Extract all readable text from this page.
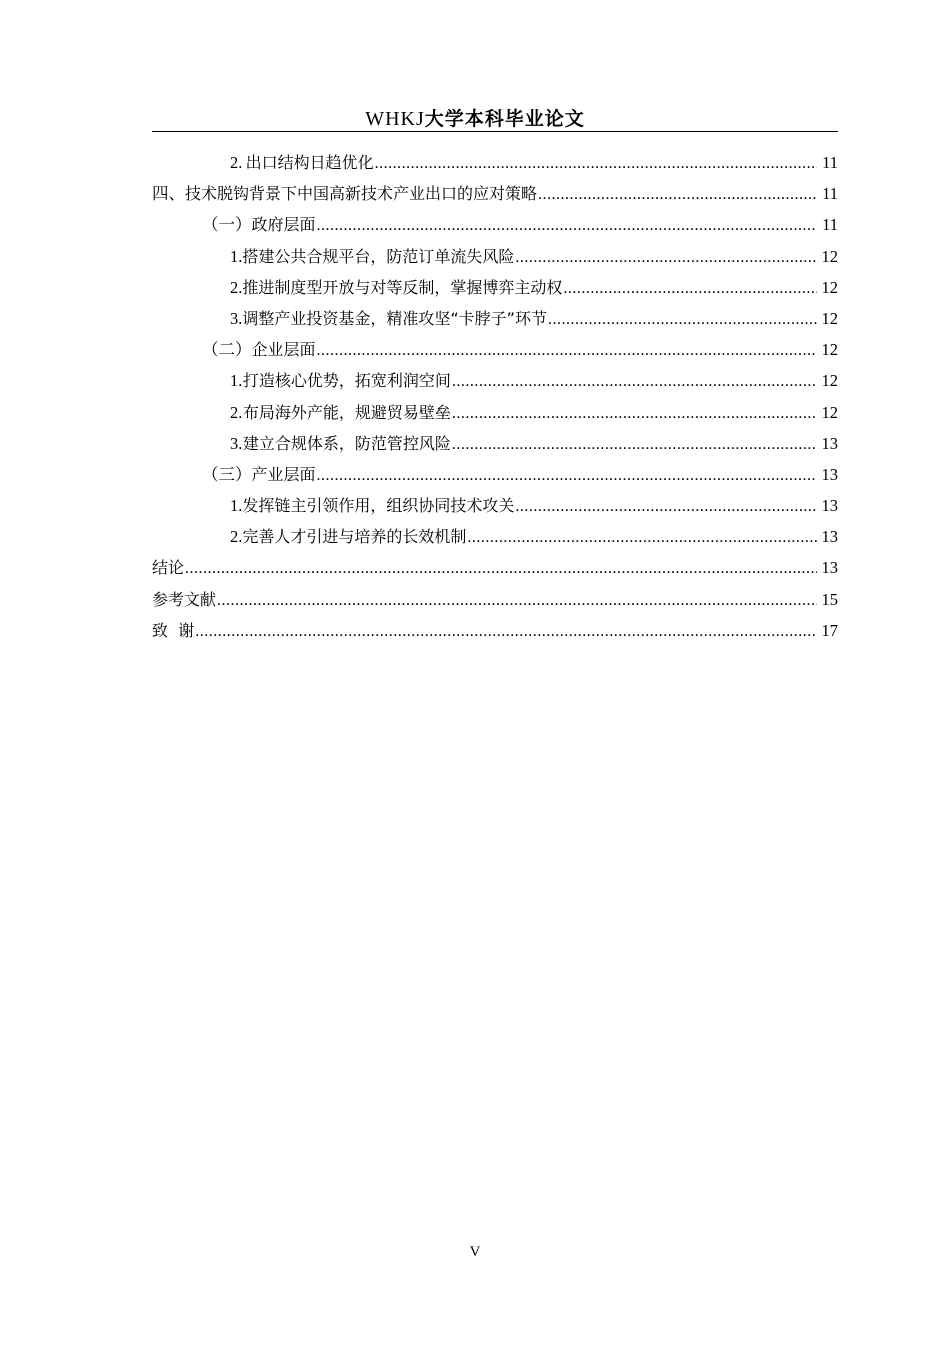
WHKJ大学本科毕业论文
2. 出口结构日趋优化 .....	11
四、 技术脱钩背景下中国高新技术产业出口的应对策略 .....	11
（一） 政府层面 .....	11
1. 搭建公共合规平台，防范订单流失风险 .....	12
2. 推进制度型开放与对等反制，掌握博弈主动权 .....	12
3. 调整产业投资基金，精准攻坚“卡脖子”环节 .....	12
（二） 企业层面 .....	12
1. 打造核心优势，拓宽利润空间 .....	12
2. 布局海外产能，规避贸易壁垒 .....	12
3. 建立合规体系，防范管控风险 .....	13
（三） 产业层面 .....	13
1. 发挥链主引领作用，组织协同技术攻关 .....	13
2. 完善人才引进与培养的长效机制 .....	13
结论 .....	13
参考文献 .....	15
致  谢 .....	17
V
